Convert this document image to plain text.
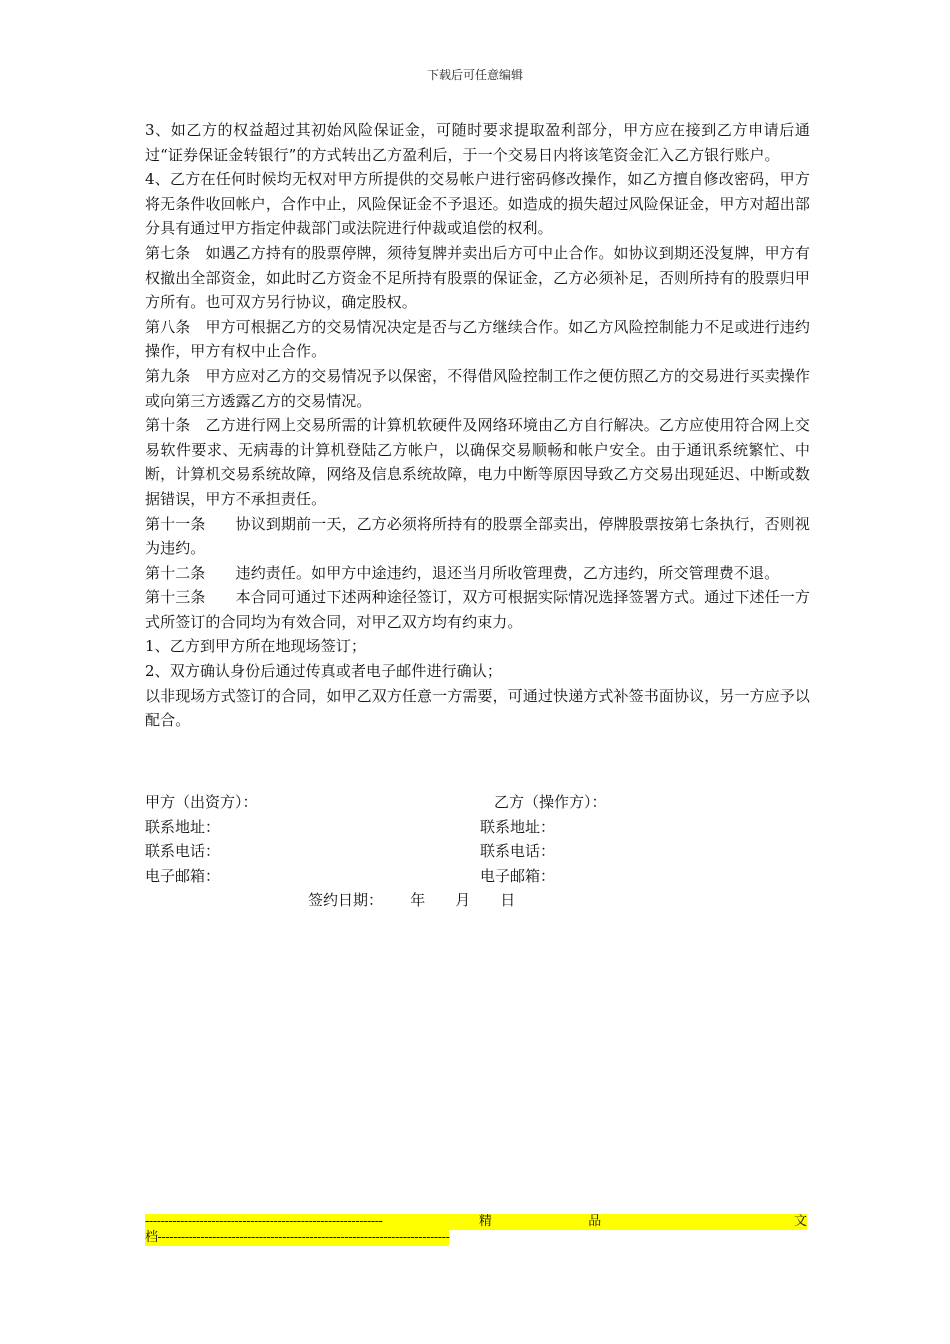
下载后可任意编辑

3、如乙方的权益超过其初始风险保证金，可随时要求提取盈利部分，甲方应在接到乙方申请后通过“证券保证金转银行”的方式转出乙方盈利后，于一个交易日内将该笔资金汇入乙方银行账户。

4、乙方在任何时候均无权对甲方所提供的交易帐户进行密码修改操作，如乙方擅自修改密码，甲方将无条件收回帐户，合作中止，风险保证金不予退还。如造成的损失超过风险保证金，甲方对超出部分具有通过甲方指定仲裁部门或法院进行仲裁或追偿的权利。

第七条　如遇乙方持有的股票停牌，须待复牌并卖出后方可中止合作。如协议到期还没复牌，甲方有权撤出全部资金，如此时乙方资金不足所持有股票的保证金，乙方必须补足，否则所持有的股票归甲方所有。也可双方另行协议，确定股权。

第八条　甲方可根据乙方的交易情况决定是否与乙方继续合作。如乙方风险控制能力不足或进行违约操作，甲方有权中止合作。

第九条　甲方应对乙方的交易情况予以保密，不得借风险控制工作之便仿照乙方的交易进行买卖操作或向第三方透露乙方的交易情况。

第十条　乙方进行网上交易所需的计算机软硬件及网络环境由乙方自行解决。乙方应使用符合网上交易软件要求、无病毒的计算机登陆乙方帐户，以确保交易顺畅和帐户安全。由于通讯系统繁忙、中断，计算机交易系统故障，网络及信息系统故障，电力中断等原因导致乙方交易出现延迟、中断或数据错误，甲方不承担责任。

第十一条　　协议到期前一天，乙方必须将所持有的股票全部卖出，停牌股票按第七条执行，否则视为违约。

第十二条　　违约责任。如甲方中途违约，退还当月所收管理费，乙方违约，所交管理费不退。

第十三条　　本合同可通过下述两种途径签订，双方可根据实际情况选择签署方式。通过下述任一方式所签订的合同均为有效合同，对甲乙双方均有约束力。

1、乙方到甲方所在地现场签订；

2、双方确认身份后通过传真或者电子邮件进行确认；

以非现场方式签订的合同，如甲乙双方任意一方需要，可通过快递方式补签书面协议，另一方应予以配合。

甲方（出资方）：	乙方（操作方）：
联系地址：	联系地址：
联系电话：	联系电话：
电子邮箱：	电子邮箱：
签约日期：　　 年　　月　　日
-------------------------------------------------------------	精	品	文
档---------------------------------------------------------------------------
